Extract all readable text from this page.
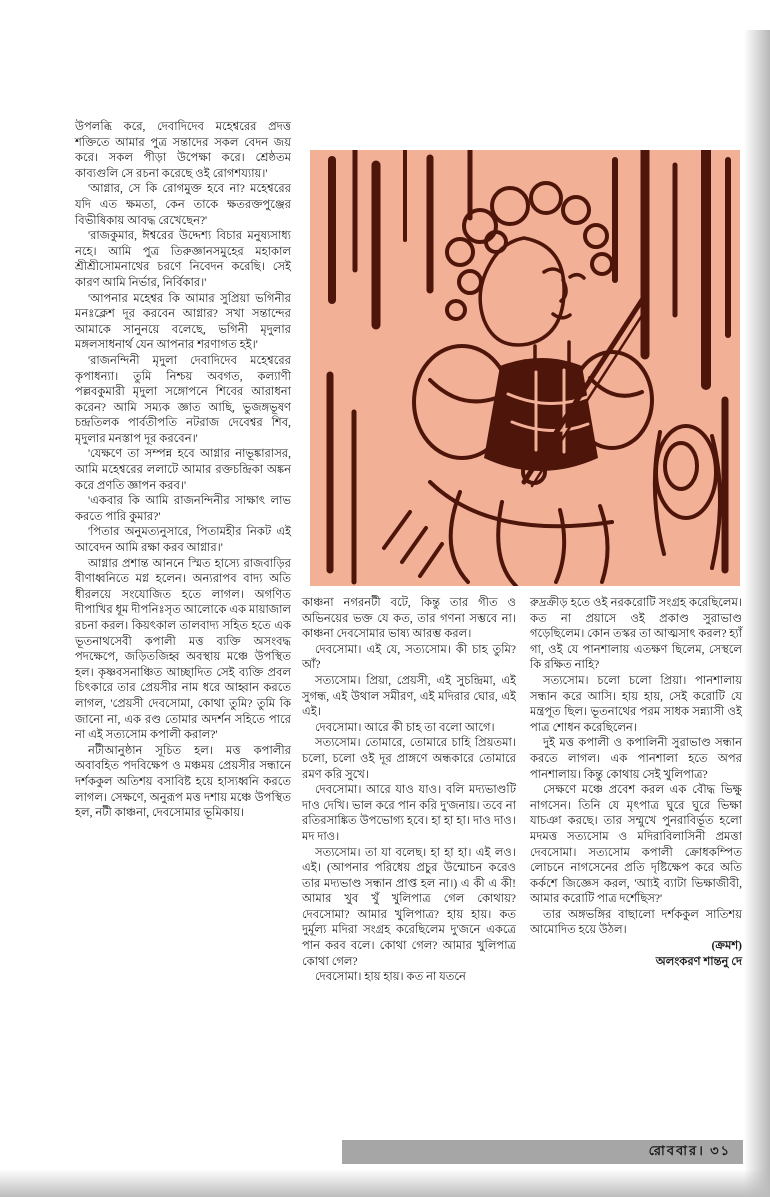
উপলব্ধি করে, দেবাদিদেব মহেশ্বরের প্রদত্ত শক্তিতে আমার পুত্র সন্তাদের সকল বেদন জয় করে। সকল পীড়া উপেক্ষা করে। শ্রেষ্ঠতম কাব্যগুলি সে রচনা করেছে ওই রোগশয্যায়।'

'আগ্নার, সে কি রোগমুক্ত হবে না? মহেশ্বরের যদি এত ক্ষমতা, কেন তাকে ক্ষতরক্তপুঞ্জের বিভীষিকায় আবদ্ধ রেখেছেন?'

'রাজকুমার, ঈশ্বরের উদ্দেশ্য বিচার মনুষ্যসাধ্য নহে। আমি পুত্র তিরুজ্ঞানসমুহের মহাকাল শ্রীশ্রীসোমনাথের চরণে নিবেদন করেছি। সেই কারণ আমি নির্ভার, নির্বিকার।'

'আপনার মহেশ্বর কি আমার সুপ্রিয়া ভগিনীর মনঃক্লেশ দূর করবেন আগ্নার? সখা সন্তান্দের আমাকে সানুনয়ে বলেছে, ভগিনী মৃদুলার মঙ্গলসাধনার্থ যেন আপনার শরণাগত হই।'

'রাজনন্দিনী মৃদুলা দেবাদিদেব মহেশ্বরের কৃপাধন্যা। তুমি নিশ্চয় অবগত, কল্যাণী পল্লবকুমারী মৃদুলা সঙ্গোপনে শিবের আরাধনা করেন? আমি সম্যক জ্ঞাত আছি, ভুজঙ্গভূষণ চন্দ্রতিলক পার্বতীপতি নটরাজ দেবেশ্বর শিব, মৃদুলার মনস্তাপ দূর করবেন।'

'যেক্ষণে তা সম্পন্ন হবে আগ্নার নাভূঙ্কারাসর, আমি মহেশ্বরের ললাটে আমার রক্তচন্দ্রিকা অঙ্কন করে প্রণতি জ্ঞাপন করব।'

'একবার কি আমি রাজনন্দিনীর সাক্ষাৎ লাভ করতে পারি কুমার?'

'পিতার অনুমত্যনুসারে, পিতামহীর নিকট এই আবেদন আমি রক্ষা করব আগ্নার।'

আগ্নার প্রশান্ত আননে স্মিত হাস্যে রাজবাড়ির বীণাধ্বনিতে মগ্ন হলেন। অন্যরাপব বাদ্য অতি ধীরলয়ে সংযোজিত হতে লাগল। অগণিত দীপাখির ধূম দীপনিঃসৃত আলোকে এক মায়াজাল রচনা করল। কিয়ৎকাল তালবাদ্য সহিত হতে এক ভূতনাথসেবী কপালী মত্ত ব্যক্তি অসংবদ্ধ পদক্ষেপে, জড়িতজিহ্ব অবস্থায় মঞ্চে উপস্থিত হল। কৃষ্ণবসনাঞ্চিত আচ্ছাদিত সেই ব্যক্তি প্রবল চিৎকারে তার প্রেয়সীর নাম ধরে আহ্বান করতে লাগল, 'প্রেয়সী দেবসোমা, কোথা তুমি? তুমি কি জানো না, এক রণ্ড তোমার অদর্শন সহিতে পারে না এই সত্যসোম কপালী করাল?'

নটীআনুষ্ঠান সূচিত হল। মত্ত কপালীর অবাবহিত পদবিক্ষেপ ও মঞ্চময় প্রেয়সীর সন্ধানে দর্শককুল অতিশয় বসাবিষ্ট হয়ে হাস্যধ্বনি করতে লাগল। সেক্ষণে, অনুরূপ মত্ত দশায় মঞ্চে উপস্থিত হল, নটী কাঞ্চনা, দেবসোমার ভূমিকায়।

কাঞ্চনা নগরনটী বটে, কিন্তু তার গীত ও অভিনয়ের ভক্ত যে কত, তার গণনা সম্ভবে না। কাঞ্চনা দেবসোমার ভাষ্য আরম্ভ করল।

দেবসোমা। এই যে, সত্যসোম। কী চাহ তুমি? আঁ?

সত্যসোম। প্রিয়া, প্রেয়সী, এই সুচন্দ্রিমা, এই সুগন্ধ, এই উথাল সমীরণ, এই মদিরার ঘোর, এই এই।

দেবসোমা। আরে কী চাহ তা বলো আগে।

সত্যসোম। তোমারে, তোমারে চাহি প্রিয়তমা। চলো, চলো ওই দূর প্রাঙ্গণে অন্ধকারে তোমারে রমণ করি সুখে।

দেবসোমা। আরে যাও যাও। বলি মদ্যভাণ্ডটি দাও দেখি। ভাল করে পান করি দু'জনায়। তবে না রতিরসাঙ্কিত উপভোগ্য হবে। হা হা হা। দাও দাও। মদ দাও।

সত্যসোম। তা যা বলেছ। হা হা হা। এই লও। এই। (আপনার পরিধেয় প্রচুর উন্মোচন করেও তার মদ্যভাণ্ড সন্ধান প্রাপ্ত হল না।) এ কী এ কী! আমার খুব খুঁ খুলিপাত্র গেল কোথায়? দেবসোমা? আমার খুলিপাত্র? হায় হায়। কত দুর্মূল্য মদিরা সংগ্রহ করেছিলেম দু'জনে একত্রে পান করব বলে। কোথা গেল? আমার খুলিপাত্র কোথা গেল?

দেবসোমা। হায় হায়। কত না যতনে

রুদ্রক্রীড় হতে ওই নরকরোটি সংগ্রহ করেছিলেম। কত না প্রয়াসে ওই প্রকাণ্ড সুরাভাণ্ড গড়েছিলেম। কোন তস্কর তা আত্মসাৎ করল? হ্যাঁ গা, ওই যে পানশালায় এতক্ষণ ছিলেম, সেস্থলে কি রক্ষিত নাহি?

সত্যসোম। চলো চলো প্রিয়া। পানশালায় সন্ধান করে আসি। হায় হায়, সেই করোটি যে মন্ত্রপূত ছিল। ভূতনাথের পরম সাধক সন্ন্যাসী ওই পাত্র শোধন করেছিলেন।

দুই মত্ত কপালী ও কপালিনী সুরাভাণ্ড সন্ধান করতে লাগল। এক পানশালা হতে অপর পানশালায়। কিন্তু কোথায় সেই খুলিপাত্র?

সেক্ষণে মঞ্চে প্রবেশ করল এক বৌদ্ধ ভিক্ষু নাগসেন। তিনি যে মৃৎপাত্র ঘুরে ঘুরে ভিক্ষা যাচঞা করছে। তার সম্মুখে পুনরাবির্ভূত হলো মদমত্ত সত্যসোম ও মদিরাবিলাসিনী প্রমত্তা দেবসোমা। সত্যসোম কপালী ক্রোধকম্পিত লোচনে নাগসেনের প্রতি দৃষ্টিক্ষেপ করে অতি কর্কশে জিজ্ঞেস করল, 'আ্যই ব্যাটা ভিক্ষাজীবী, আমার করোটি পাত্র দর্শেছিস?'

তার অঙ্গভঙ্গির বাছালো দর্শককুল সাতিশয় আমোদিত হয়ে উঠল।

(ক্রমশ)

অলংকরণ শান্তনু দে

রোববার। ৩১
